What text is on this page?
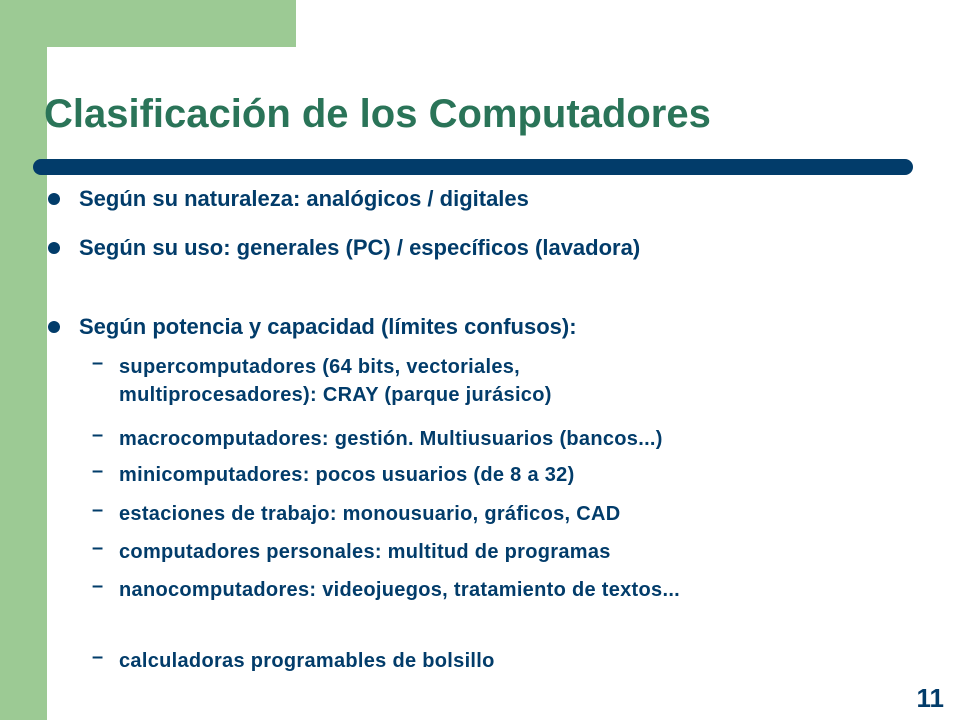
Clasificación de los Computadores
Según su naturaleza: analógicos / digitales
Según su uso: generales (PC) / específicos (lavadora)
Según potencia y capacidad (límites confusos):
– supercomputadores (64 bits, vectoriales, multiprocesadores): CRAY (parque jurásico)
– macrocomputadores: gestión. Multiusuarios (bancos...)
– minicomputadores: pocos usuarios (de 8 a 32)
– estaciones de trabajo: monousuario, gráficos, CAD
– computadores personales: multitud de programas
– nanocomputadores: videojuegos, tratamiento de textos...
– calculadoras programables de bolsillo
11
